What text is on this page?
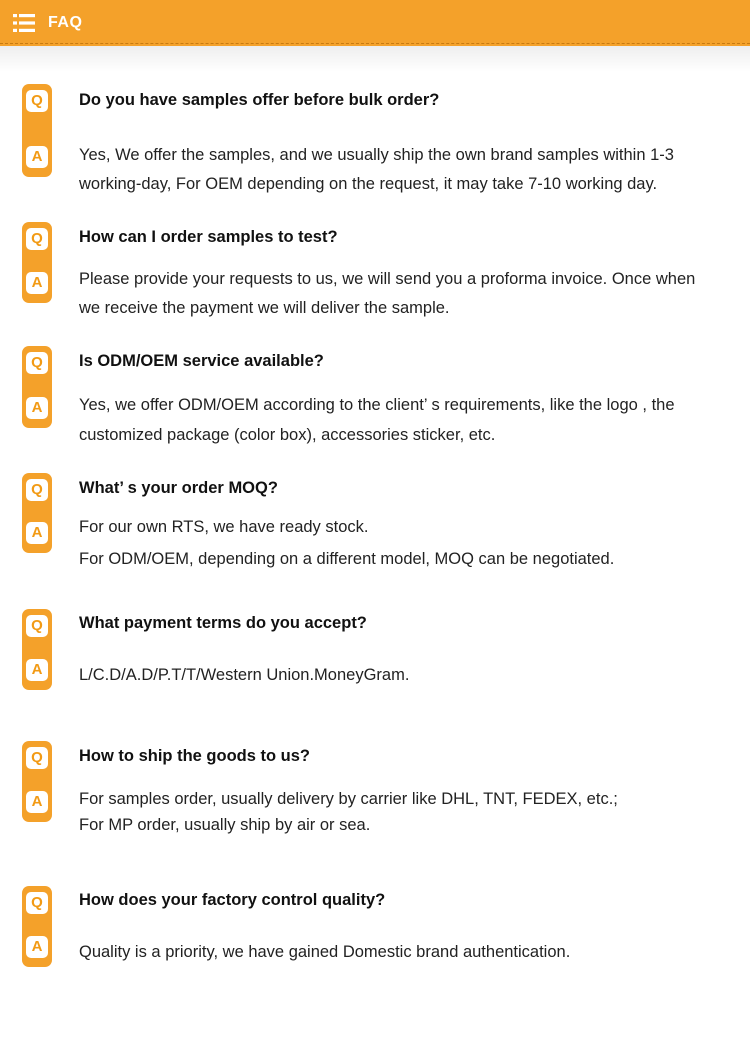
FAQ
Q
A
Do you have samples offer before bulk order?
Yes, We offer the samples, and we usually ship the own brand samples within 1-3
working-day, For OEM depending on the request, it may take 7-10 working day.
Q
A
How can I order samples to test?
Please provide your requests to us, we will send you a proforma invoice. Once when
we receive the payment we will deliver the sample.
Q
A
Is ODM/OEM service available?
Yes, we offer ODM/OEM according to the client’ s requirements, like the logo , the
customized package (color box), accessories sticker, etc.
Q
A
What’ s your order MOQ?
For our own RTS, we have ready stock.
For ODM/OEM, depending on a different model, MOQ can be negotiated.
Q
A
What payment terms do you accept?
L/C.D/A.D/P.T/T/Western Union.MoneyGram.
Q
A
How to ship the goods to us?
For samples order, usually delivery by carrier like DHL, TNT, FEDEX, etc.;
For MP order, usually ship by air or sea.
Q
A
How does your factory control quality?
Quality is a priority, we have gained Domestic brand authentication.
